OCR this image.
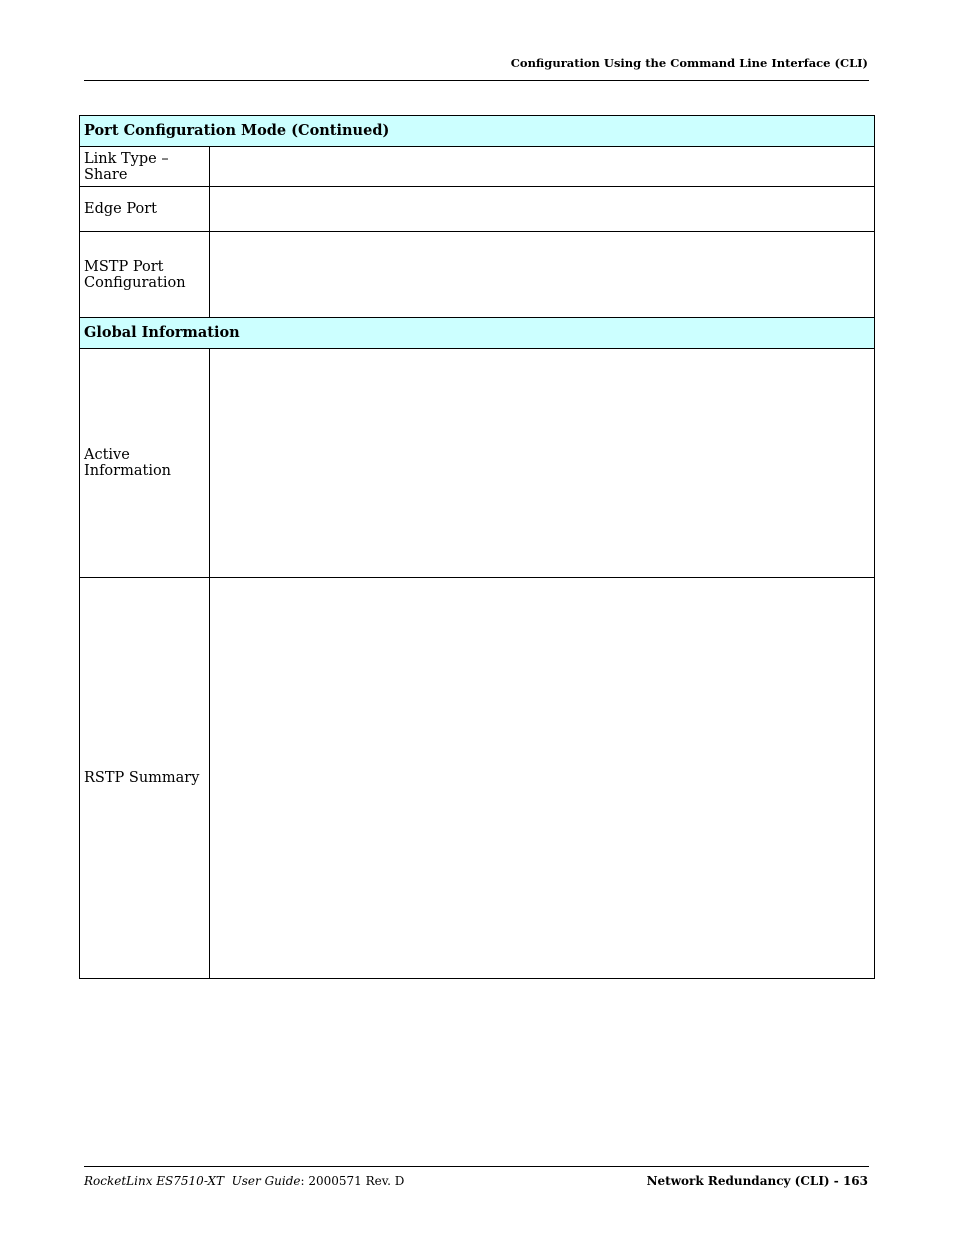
Configuration Using the Command Line Interface (CLI)
Port Configuration Mode (Continued)	

Link Type –
Share	

Edge Port	

MSTP Port
Configuration	

Global Information	

Active
Information	

RSTP Summary	

RocketLinx ES7510-XT User Guide: 2000571 Rev. D	Network Redundancy (CLI) - 163
